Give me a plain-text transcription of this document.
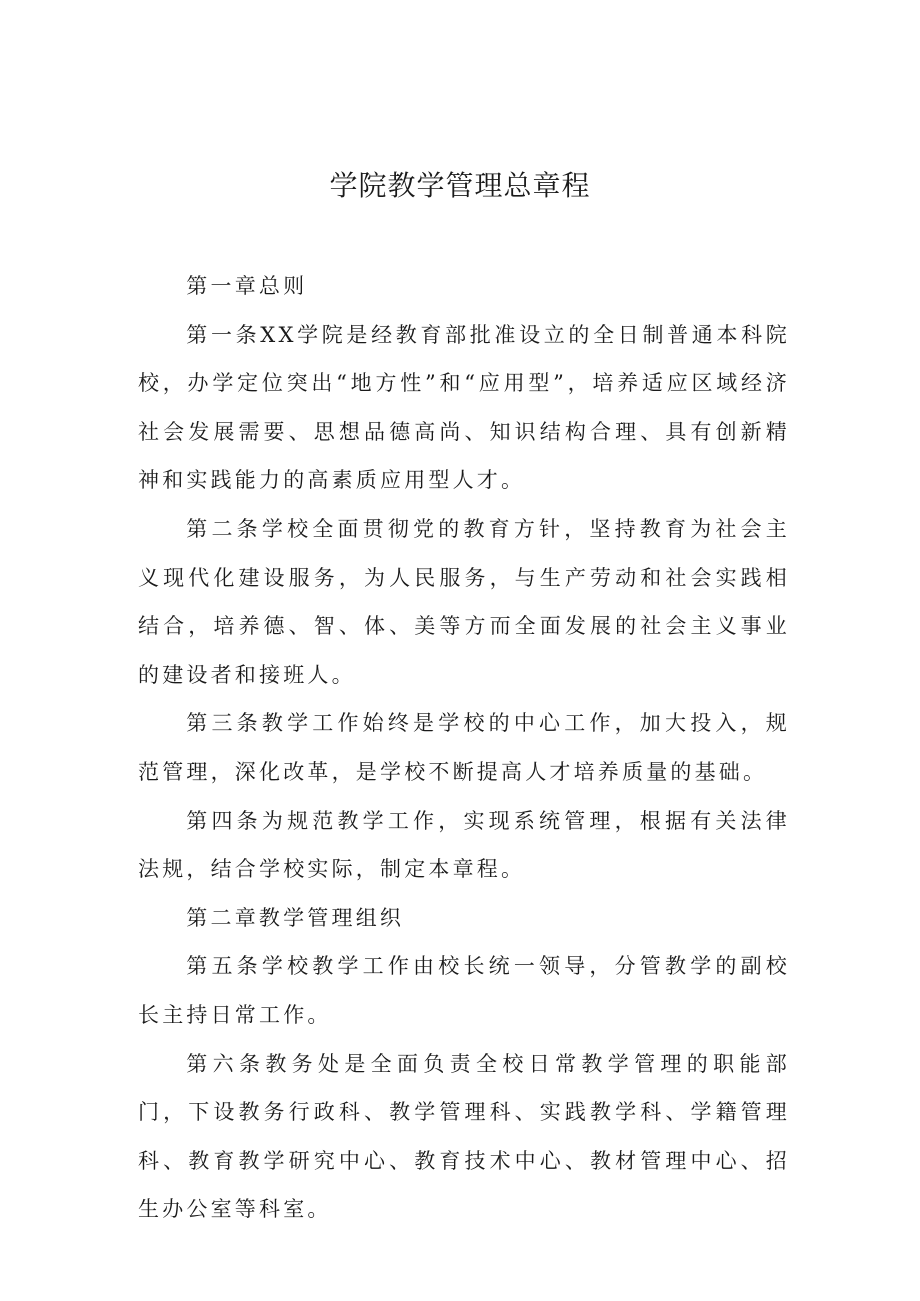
学院教学管理总章程

第一章总则

第一条XX学院是经教育部批准设立的全日制普通本科院校，办学定位突出“地方性”和“应用型”，培养适应区域经济社会发展需要、思想品德高尚、知识结构合理、具有创新精神和实践能力的高素质应用型人才。

第二条学校全面贯彻党的教育方针，坚持教育为社会主义现代化建设服务，为人民服务，与生产劳动和社会实践相结合，培养德、智、体、美等方而全面发展的社会主义事业的建设者和接班人。

第三条教学工作始终是学校的中心工作，加大投入，规范管理，深化改革，是学校不断提高人才培养质量的基础。

第四条为规范教学工作，实现系统管理，根据有关法律法规，结合学校实际，制定本章程。

第二章教学管理组织

第五条学校教学工作由校长统一领导，分管教学的副校长主持日常工作。

第六条教务处是全面负责全校日常教学管理的职能部门，下设教务行政科、教学管理科、实践教学科、学籍管理科、教育教学研究中心、教育技术中心、教材管理中心、招生办公室等科室。
